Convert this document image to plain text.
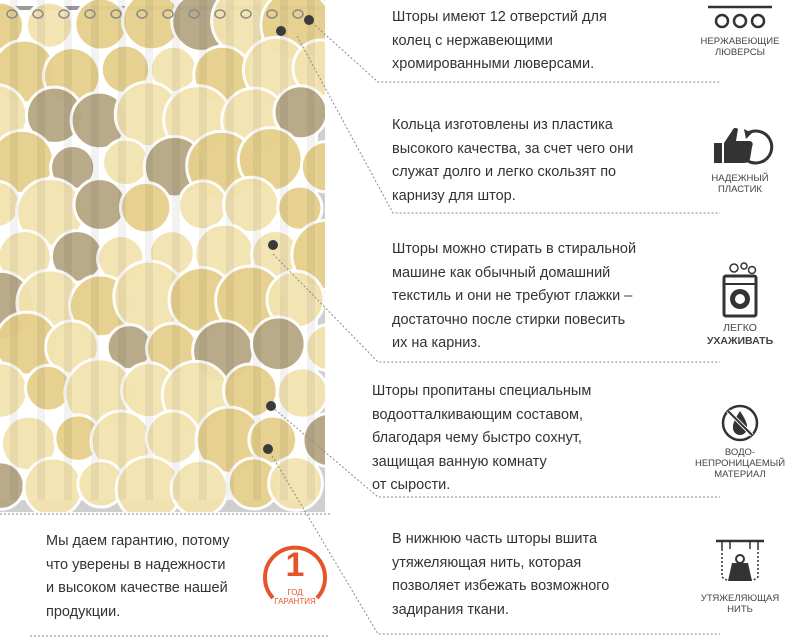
Шторы имеют 12 отверстий для
колец с нержавеющими
хромированными люверсами.
Кольца изготовлены из пластика
высокого качества, за счет чего они
служат долго и легко скользят по
карнизу для штор.
Шторы можно стирать в стиральной
машине как обычный домашний
текстиль и они не требуют глажки –
достаточно после стирки повесить
их на карниз.
Шторы пропитаны специальным
водоотталкивающим составом,
благодаря чему быстро сохнут,
защищая ванную комнату
от сырости.
В нижнюю часть шторы вшита
утяжеляющая нить, которая
позволяет избежать возможного
задирания ткани.
НЕРЖАВЕЮЩИЕ
ЛЮВЕРСЫ
НАДЕЖНЫЙ
ПЛАСТИК
ЛЕГКО
УХАЖИВАТЬ
ВОДО-
НЕПРОНИЦАЕМЫЙ
МАТЕРИАЛ
УТЯЖЕЛЯЮЩАЯ
НИТЬ
Мы даем гарантию, потому
что уверены в надежности
и высоком качестве нашей
продукции.
1
ГОД
ГАРАНТИЯ
